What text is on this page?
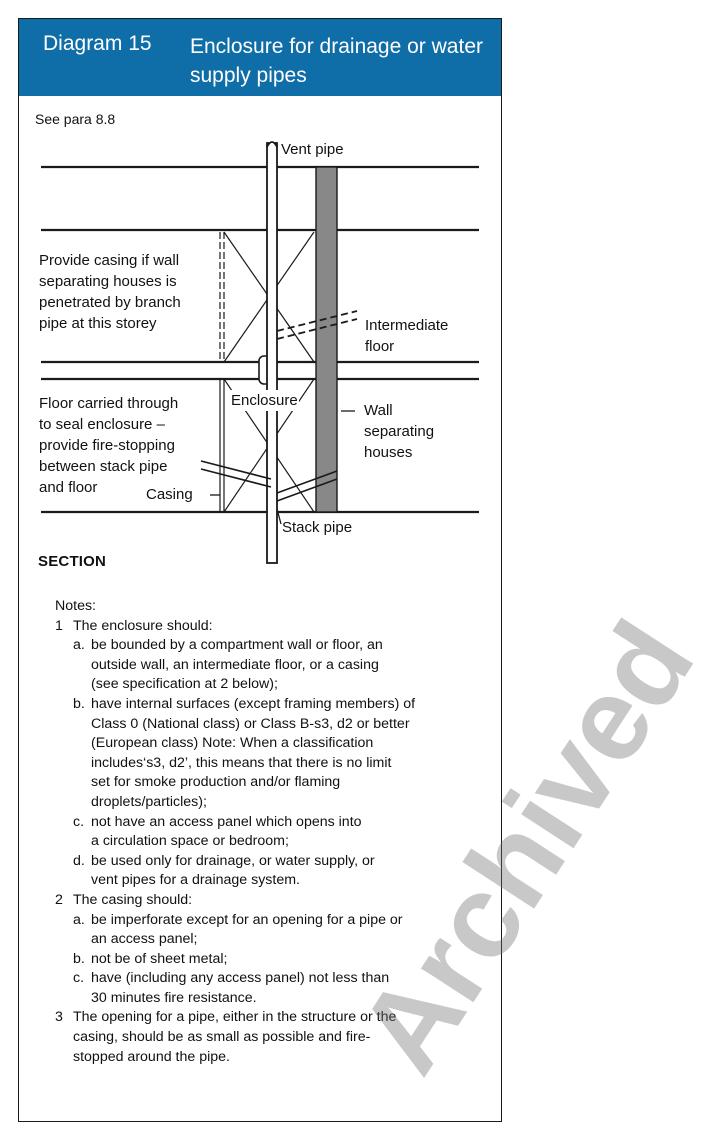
Diagram 15 Enclosure for drainage or water supply pipes
See para 8.8
Vent pipe
Provide casing if wall
separating houses is
penetrated by branch
pipe at this storey	Intermediate
floor
Enclosure
Wall
separating
houses
Floor carried through
to seal enclosure –
provide fire-stopping
between stack pipe
and floor	Casing
Stack pipe
SECTION
Notes:
1 The enclosure should:
a. be bounded by a compartment wall or floor, an
outside wall, an intermediate floor, or a casing
(see specification at 2 below);
b. have internal surfaces (except framing members) of
Class 0 (National class) or Class B-s3, d2 or better
(European class) Note: When a classification
includes‘s3, d2’, this means that there is no limit
set for smoke production and/or flaming
droplets/particles);
c. not have an access panel which opens into
a circulation space or bedroom;
d. be used only for drainage, or water supply, or
vent pipes for a drainage system.
2 The casing should:
a. be imperforate except for an opening for a pipe or
an access panel;
b. not be of sheet metal;
c. have (including any access panel) not less than
30 minutes fire resistance.
3 The opening for a pipe, either in the structure or the
casing, should be as small as possible and fire-
stopped around the pipe. Archived
